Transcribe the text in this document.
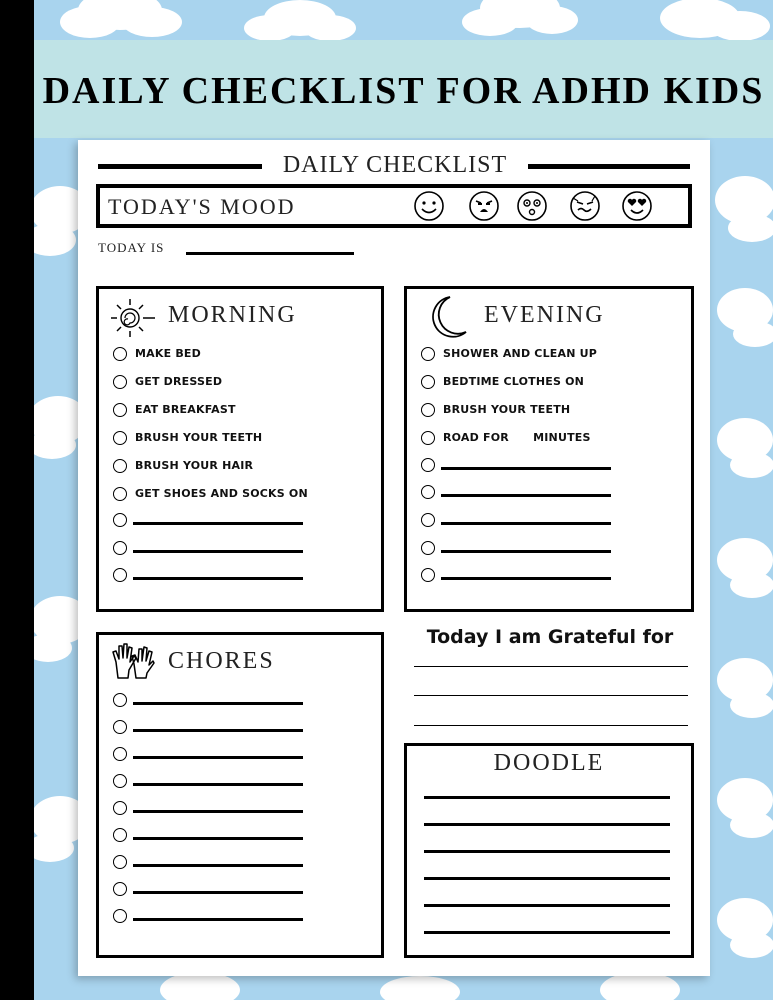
DAILY CHECKLIST FOR ADHD KIDS
DAILY CHECKLIST
TODAY'S MOOD
TODAY IS
MORNING
MAKE BED
GET DRESSED
EAT BREAKFAST
BRUSH YOUR TEETH
BRUSH YOUR HAIR
GET SHOES AND SOCKS ON
EVENING
SHOWER AND CLEAN UP
BEDTIME CLOTHES ON
BRUSH YOUR TEETH
ROAD FOR      MINUTES
CHORES
Today I am Grateful for
DOODLE
